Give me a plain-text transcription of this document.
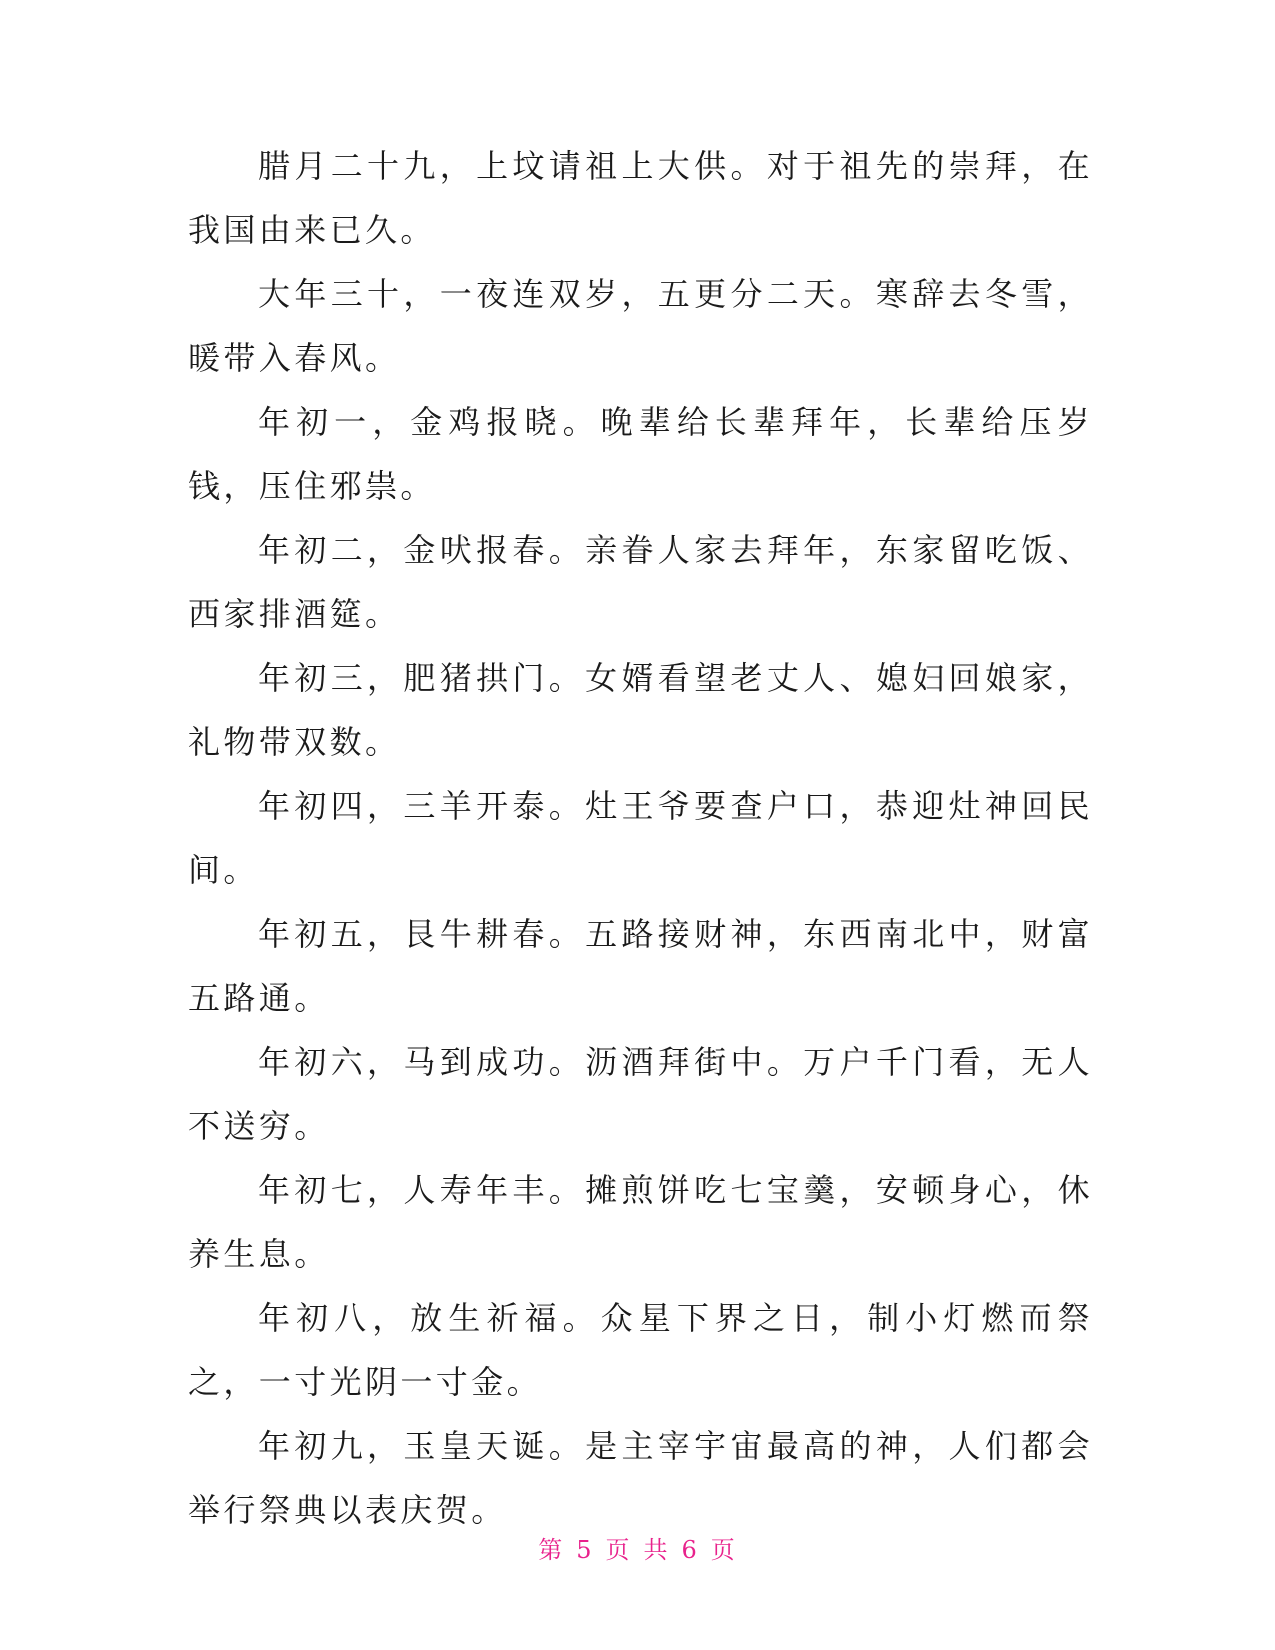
腊月二十九，上坟请祖上大供。对于祖先的崇拜，在我国由来已久。

大年三十，一夜连双岁，五更分二天。寒辞去冬雪，暖带入春风。

年初一，金鸡报晓。晚辈给长辈拜年，长辈给压岁钱，压住邪祟。

年初二，金吠报春。亲眷人家去拜年，东家留吃饭、西家排酒筵。

年初三，肥猪拱门。女婿看望老丈人、媳妇回娘家，礼物带双数。

年初四，三羊开泰。灶王爷要查户口，恭迎灶神回民间。

年初五，艮牛耕春。五路接财神，东西南北中，财富五路通。

年初六，马到成功。沥酒拜街中。万户千门看，无人不送穷。

年初七，人寿年丰。摊煎饼吃七宝羹，安顿身心，休养生息。

年初八，放生祈福。众星下界之日，制小灯燃而祭之，一寸光阴一寸金。

年初九，玉皇天诞。是主宰宇宙最高的神，人们都会举行祭典以表庆贺。

第 5 页 共 6 页
